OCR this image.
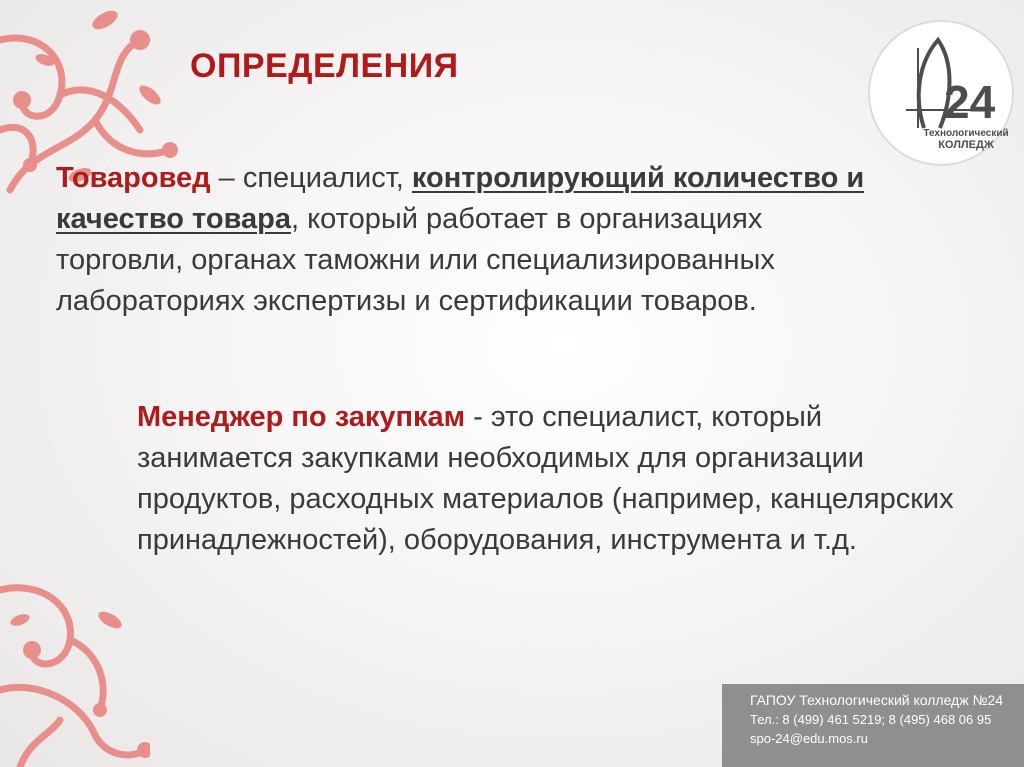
24
Технологический
КОЛЛЕДЖ
ОПРЕДЕЛЕНИЯ

Товаровед – специалист, контролирующий количество и качество товара, который работает в организациях торговли, органах таможни или специализированных лабораториях экспертизы и сертификации товаров.

Менеджер по закупкам - это специалист, который занимается закупками необходимых для организации продуктов, расходных материалов (например, канцелярских принадлежностей), оборудования, инструмента и т.д.

ГАПОУ Технологический колледж №24
Тел.: 8 (499) 461 5219; 8 (495) 468 06 95
spo-24@edu.mos.ru
